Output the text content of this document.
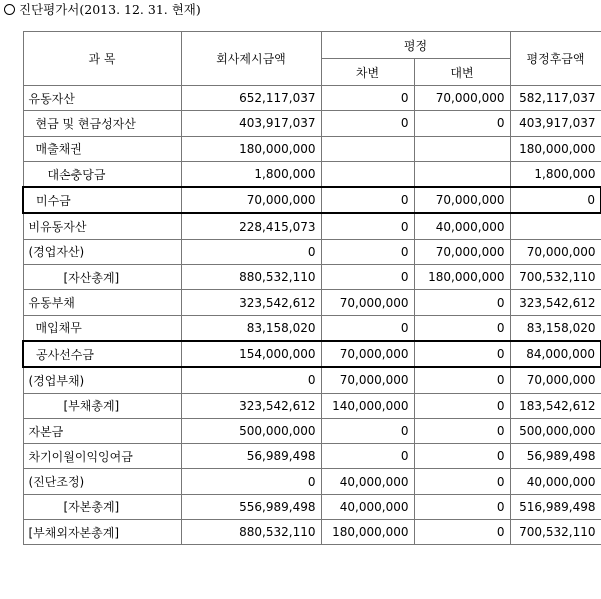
진단평가서(2013. 12. 31. 현재)
과 목	회사제시금액	평정		평정후금액
		차변	대변	
유동자산	652,117,037	0	70,000,000	582,117,037
현금 및 현금성자산	403,917,037	0	0	403,917,037
매출채권	180,000,000			180,000,000
대손충당금	1,800,000			1,800,000
미수금	70,000,000	0	70,000,000	0
비유동자산	228,415,073	0	40,000,000	
(경업자산)	0	0	70,000,000	70,000,000
[자산총계]	880,532,110	0	180,000,000	700,532,110
유동부채	323,542,612	70,000,000	0	323,542,612
매입채무	83,158,020	0	0	83,158,020
공사선수금	154,000,000	70,000,000	0	84,000,000
(경업부채)	0	70,000,000	0	70,000,000
[부채총계]	323,542,612	140,000,000	0	183,542,612
자본금	500,000,000	0	0	500,000,000
차기이월이익잉여금	56,989,498	0	0	56,989,498
(진단조정)	0	40,000,000	0	40,000,000
[자본총계]	556,989,498	40,000,000	0	516,989,498
[부채외자본총계]	880,532,110	180,000,000	0	700,532,110
